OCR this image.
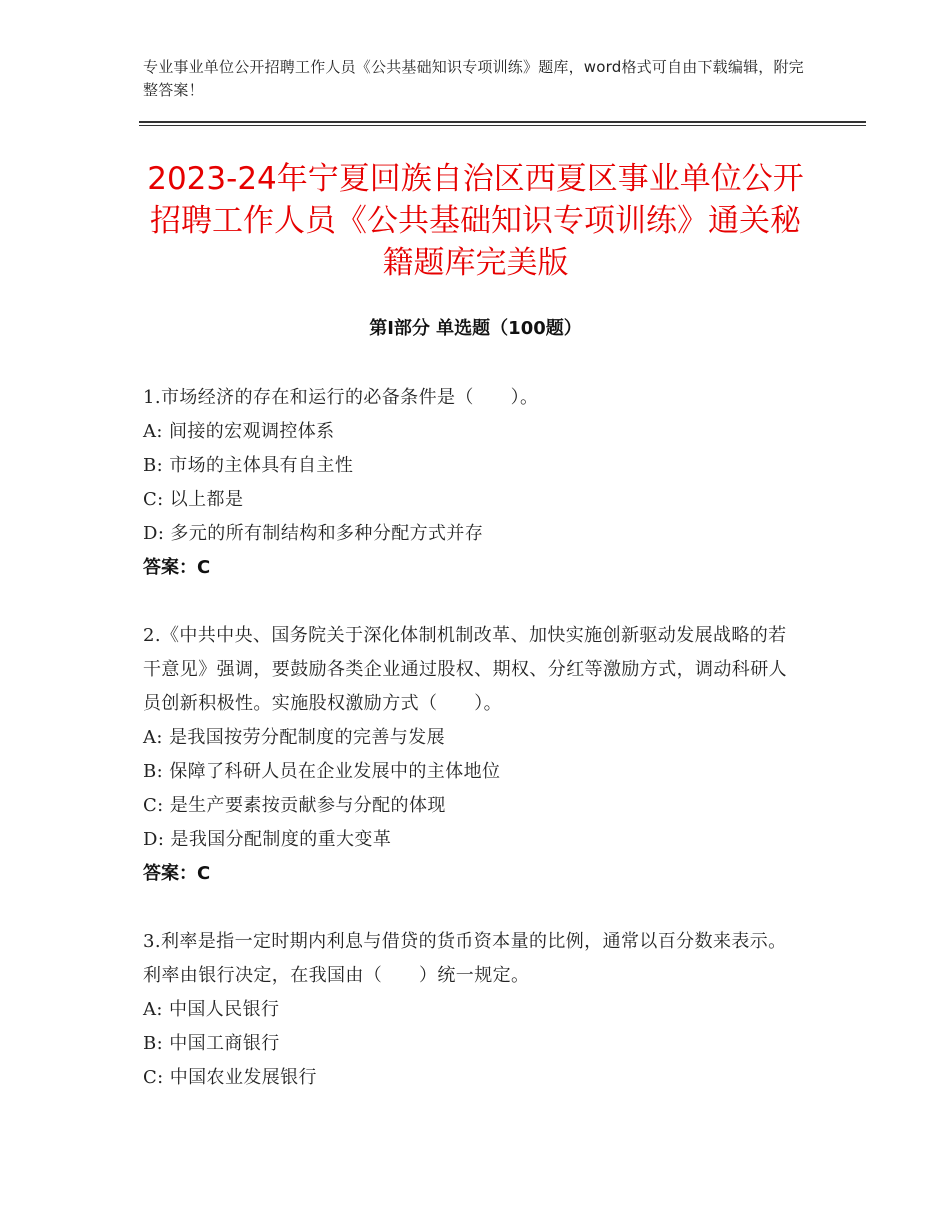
专业事业单位公开招聘工作人员《公共基础知识专项训练》题库，word格式可自由下载编辑，附完整答案！
2023-24年宁夏回族自治区西夏区事业单位公开招聘工作人员《公共基础知识专项训练》通关秘籍题库完美版
第Ⅰ部分 单选题（100题）

1.市场经济的存在和运行的必备条件是（　　）。

A: 间接的宏观调控体系

B: 市场的主体具有自主性

C: 以上都是

D: 多元的所有制结构和多种分配方式并存

答案：C

2.《中共中央、国务院关于深化体制机制改革、加快实施创新驱动发展战略的若干意见》强调，要鼓励各类企业通过股权、期权、分红等激励方式，调动科研人员创新积极性。实施股权激励方式（　　）。

A: 是我国按劳分配制度的完善与发展

B: 保障了科研人员在企业发展中的主体地位

C: 是生产要素按贡献参与分配的体现

D: 是我国分配制度的重大变革

答案：C

3.利率是指一定时期内利息与借贷的货币资本量的比例，通常以百分数来表示。利率由银行决定，在我国由（　　）统一规定。

A: 中国人民银行

B: 中国工商银行

C: 中国农业发展银行
